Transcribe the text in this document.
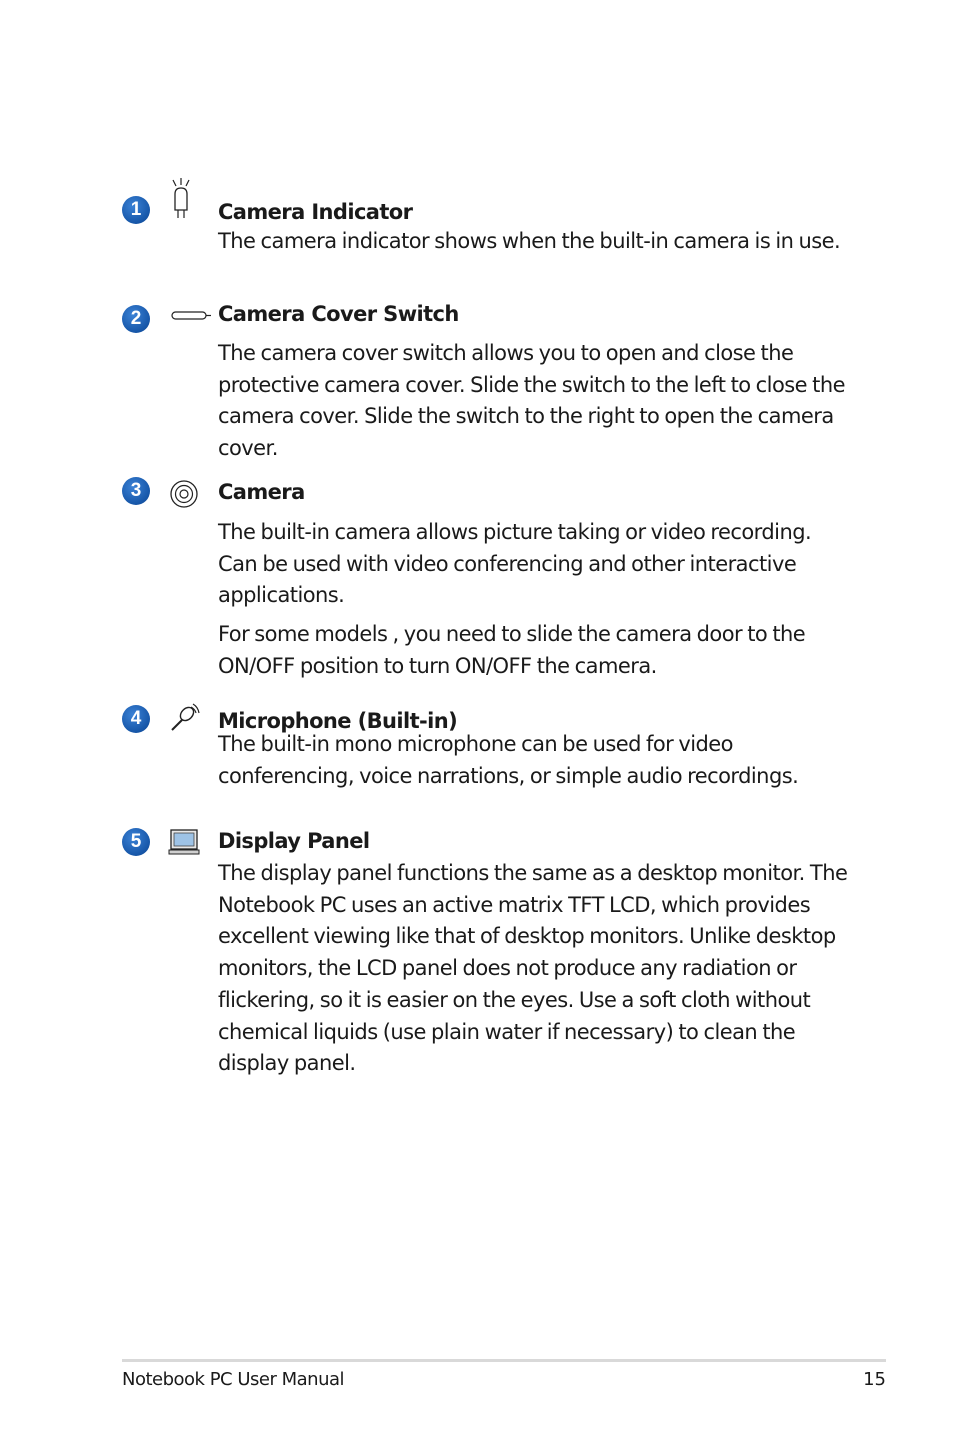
1	Camera Indicator

The camera indicator shows when the built-in camera is in use.

2	Camera Cover Switch

The camera cover switch allows you to open and close the protective camera cover. Slide the switch to the left to close the camera cover. Slide the switch to the right to open the camera cover.

3	Camera

The built-in camera allows picture taking or video recording. Can be used with video conferencing and other interactive applications.

For some models , you need to slide the camera door to the ON/OFF position to turn ON/OFF the camera.

4	Microphone (Built-in)

The built-in mono microphone can be used for video conferencing, voice narrations, or simple audio recordings.

5	Display Panel

The display panel functions the same as a desktop monitor. The Notebook PC uses an active matrix TFT LCD, which provides excellent viewing like that of desktop monitors. Unlike desktop monitors, the LCD panel does not produce any radiation or flickering, so it is easier on the eyes. Use a soft cloth without chemical liquids (use plain water if necessary) to clean the display panel.

Notebook PC User Manual	15
